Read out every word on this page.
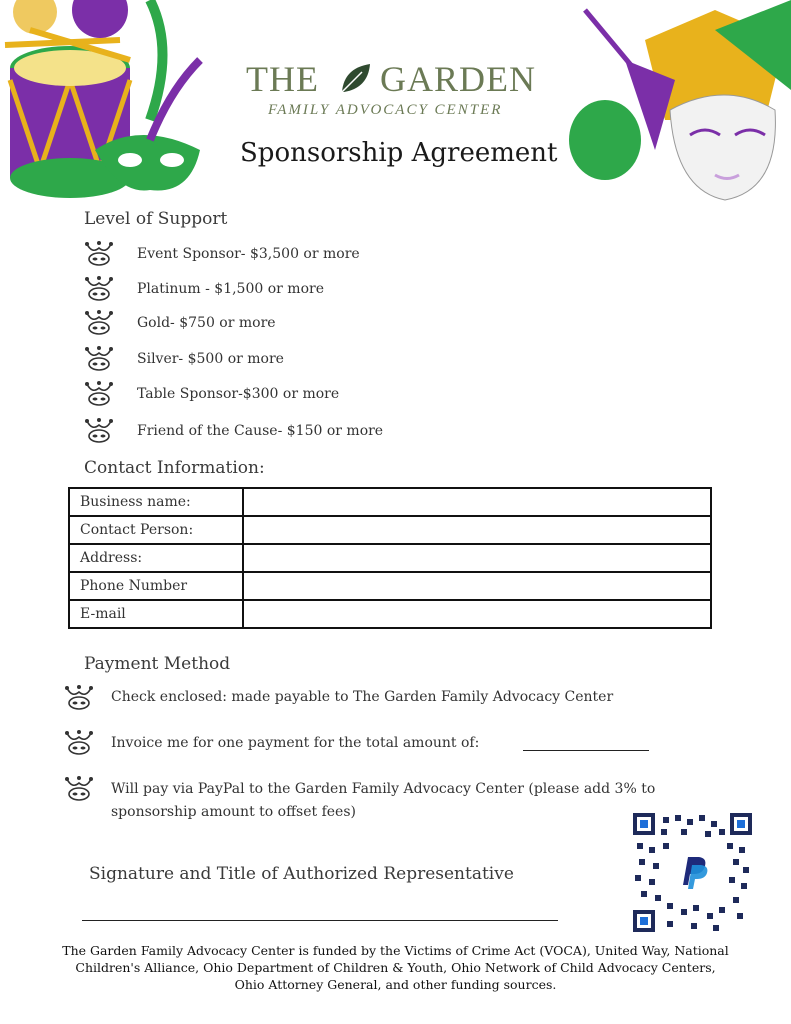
THE GARDEN
FAMILY ADVOCACY CENTER
Sponsorship Agreement
Level of Support
Event Sponsor- $3,500 or more
Platinum - $1,500 or more
Gold- $750 or more
Silver- $500 or more
Table Sponsor-$300 or more
Friend of the Cause- $150 or more
Contact Information:
Business name:	
Contact Person:	
Address:	
Phone Number	
E-mail	
Payment Method
Check enclosed: made payable to The Garden Family Advocacy Center
Invoice me for one payment for the total amount of:
Will pay via PayPal to the Garden Family Advocacy Center (please add 3% to
sponsorship amount to offset fees)
Signature and Title of Authorized Representative
The Garden Family Advocacy Center is funded by the Victims of Crime Act (VOCA), United Way, National
Children's Alliance, Ohio Department of Children & Youth, Ohio Network of Child Advocacy Centers,
Ohio Attorney General, and other funding sources.
